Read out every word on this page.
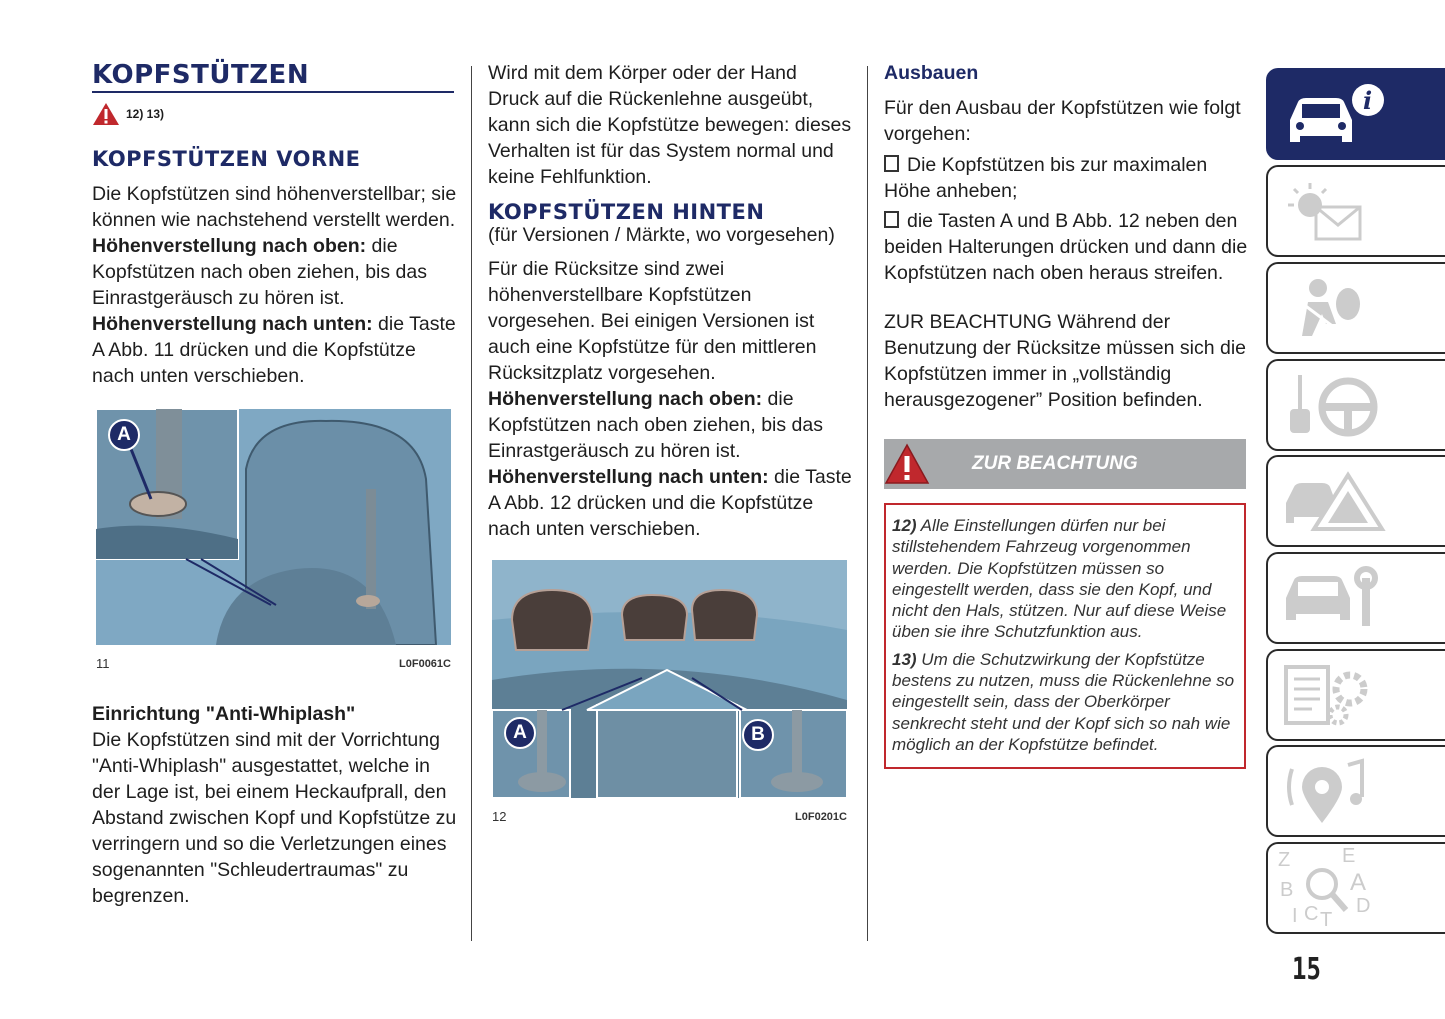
KOPFSTÜTZEN
12) 13)
KOPFSTÜTZEN VORNE

Die Kopfstützen sind höhenverstellbar; sie können wie nachstehend verstellt werden.

Höhenverstellung nach oben: die Kopfstützen nach oben ziehen, bis das Einrastgeräusch zu hören ist.

Höhenverstellung nach unten: die Taste A Abb. 11 drücken und die Kopfstütze nach unten verschieben.

A
11	L0F0061C
Einrichtung "Anti-Whiplash"

Die Kopfstützen sind mit der Vorrichtung "Anti-Whiplash" ausgestattet, welche in der Lage ist, bei einem Heckaufprall, den Abstand zwischen Kopf und Kopfstütze zu verringern und so die Verletzungen eines sogenannten "Schleudertraumas" zu begrenzen.

Wird mit dem Körper oder der Hand Druck auf die Rückenlehne ausgeübt, kann sich die Kopfstütze bewegen: dieses Verhalten ist für das System normal und keine Fehlfunktion.

KOPFSTÜTZEN HINTEN

(für Versionen / Märkte, wo vorgesehen)

Für die Rücksitze sind zwei höhenverstellbare Kopfstützen vorgesehen. Bei einigen Versionen ist auch eine Kopfstütze für den mittleren Rücksitzplatz vorgesehen.

Höhenverstellung nach oben: die Kopfstützen nach oben ziehen, bis das Einrastgeräusch zu hören ist.

Höhenverstellung nach unten: die Taste A Abb. 12 drücken und die Kopfstütze nach unten verschieben.

A	B
12	L0F0201C
Ausbauen

Für den Ausbau der Kopfstützen wie folgt vorgehen:

Die Kopfstützen bis zur maximalen Höhe anheben;

die Tasten A und B Abb. 12 neben den beiden Halterungen drücken und dann die Kopfstützen nach oben heraus streifen.

ZUR BEACHTUNG Während der Benutzung der Rücksitze müssen sich die Kopfstützen immer in „vollständig herausgezogener” Position befinden.

ZUR BEACHTUNG

12) Alle Einstellungen dürfen nur bei stillstehendem Fahrzeug vorgenommen werden. Die Kopfstützen müssen so eingestellt werden, dass sie den Kopf, und nicht den Hals, stützen. Nur auf diese Weise üben sie ihre Schutzfunktion aus.

13) Um die Schutzwirkung der Kopfstütze bestens zu nutzen, muss die Rückenlehne so eingestellt sein, dass der Oberkörper senkrecht steht und der Kopf sich so nah wie möglich an der Kopfstütze befindet.

i
Z	E
B A
C T
D
I
15
